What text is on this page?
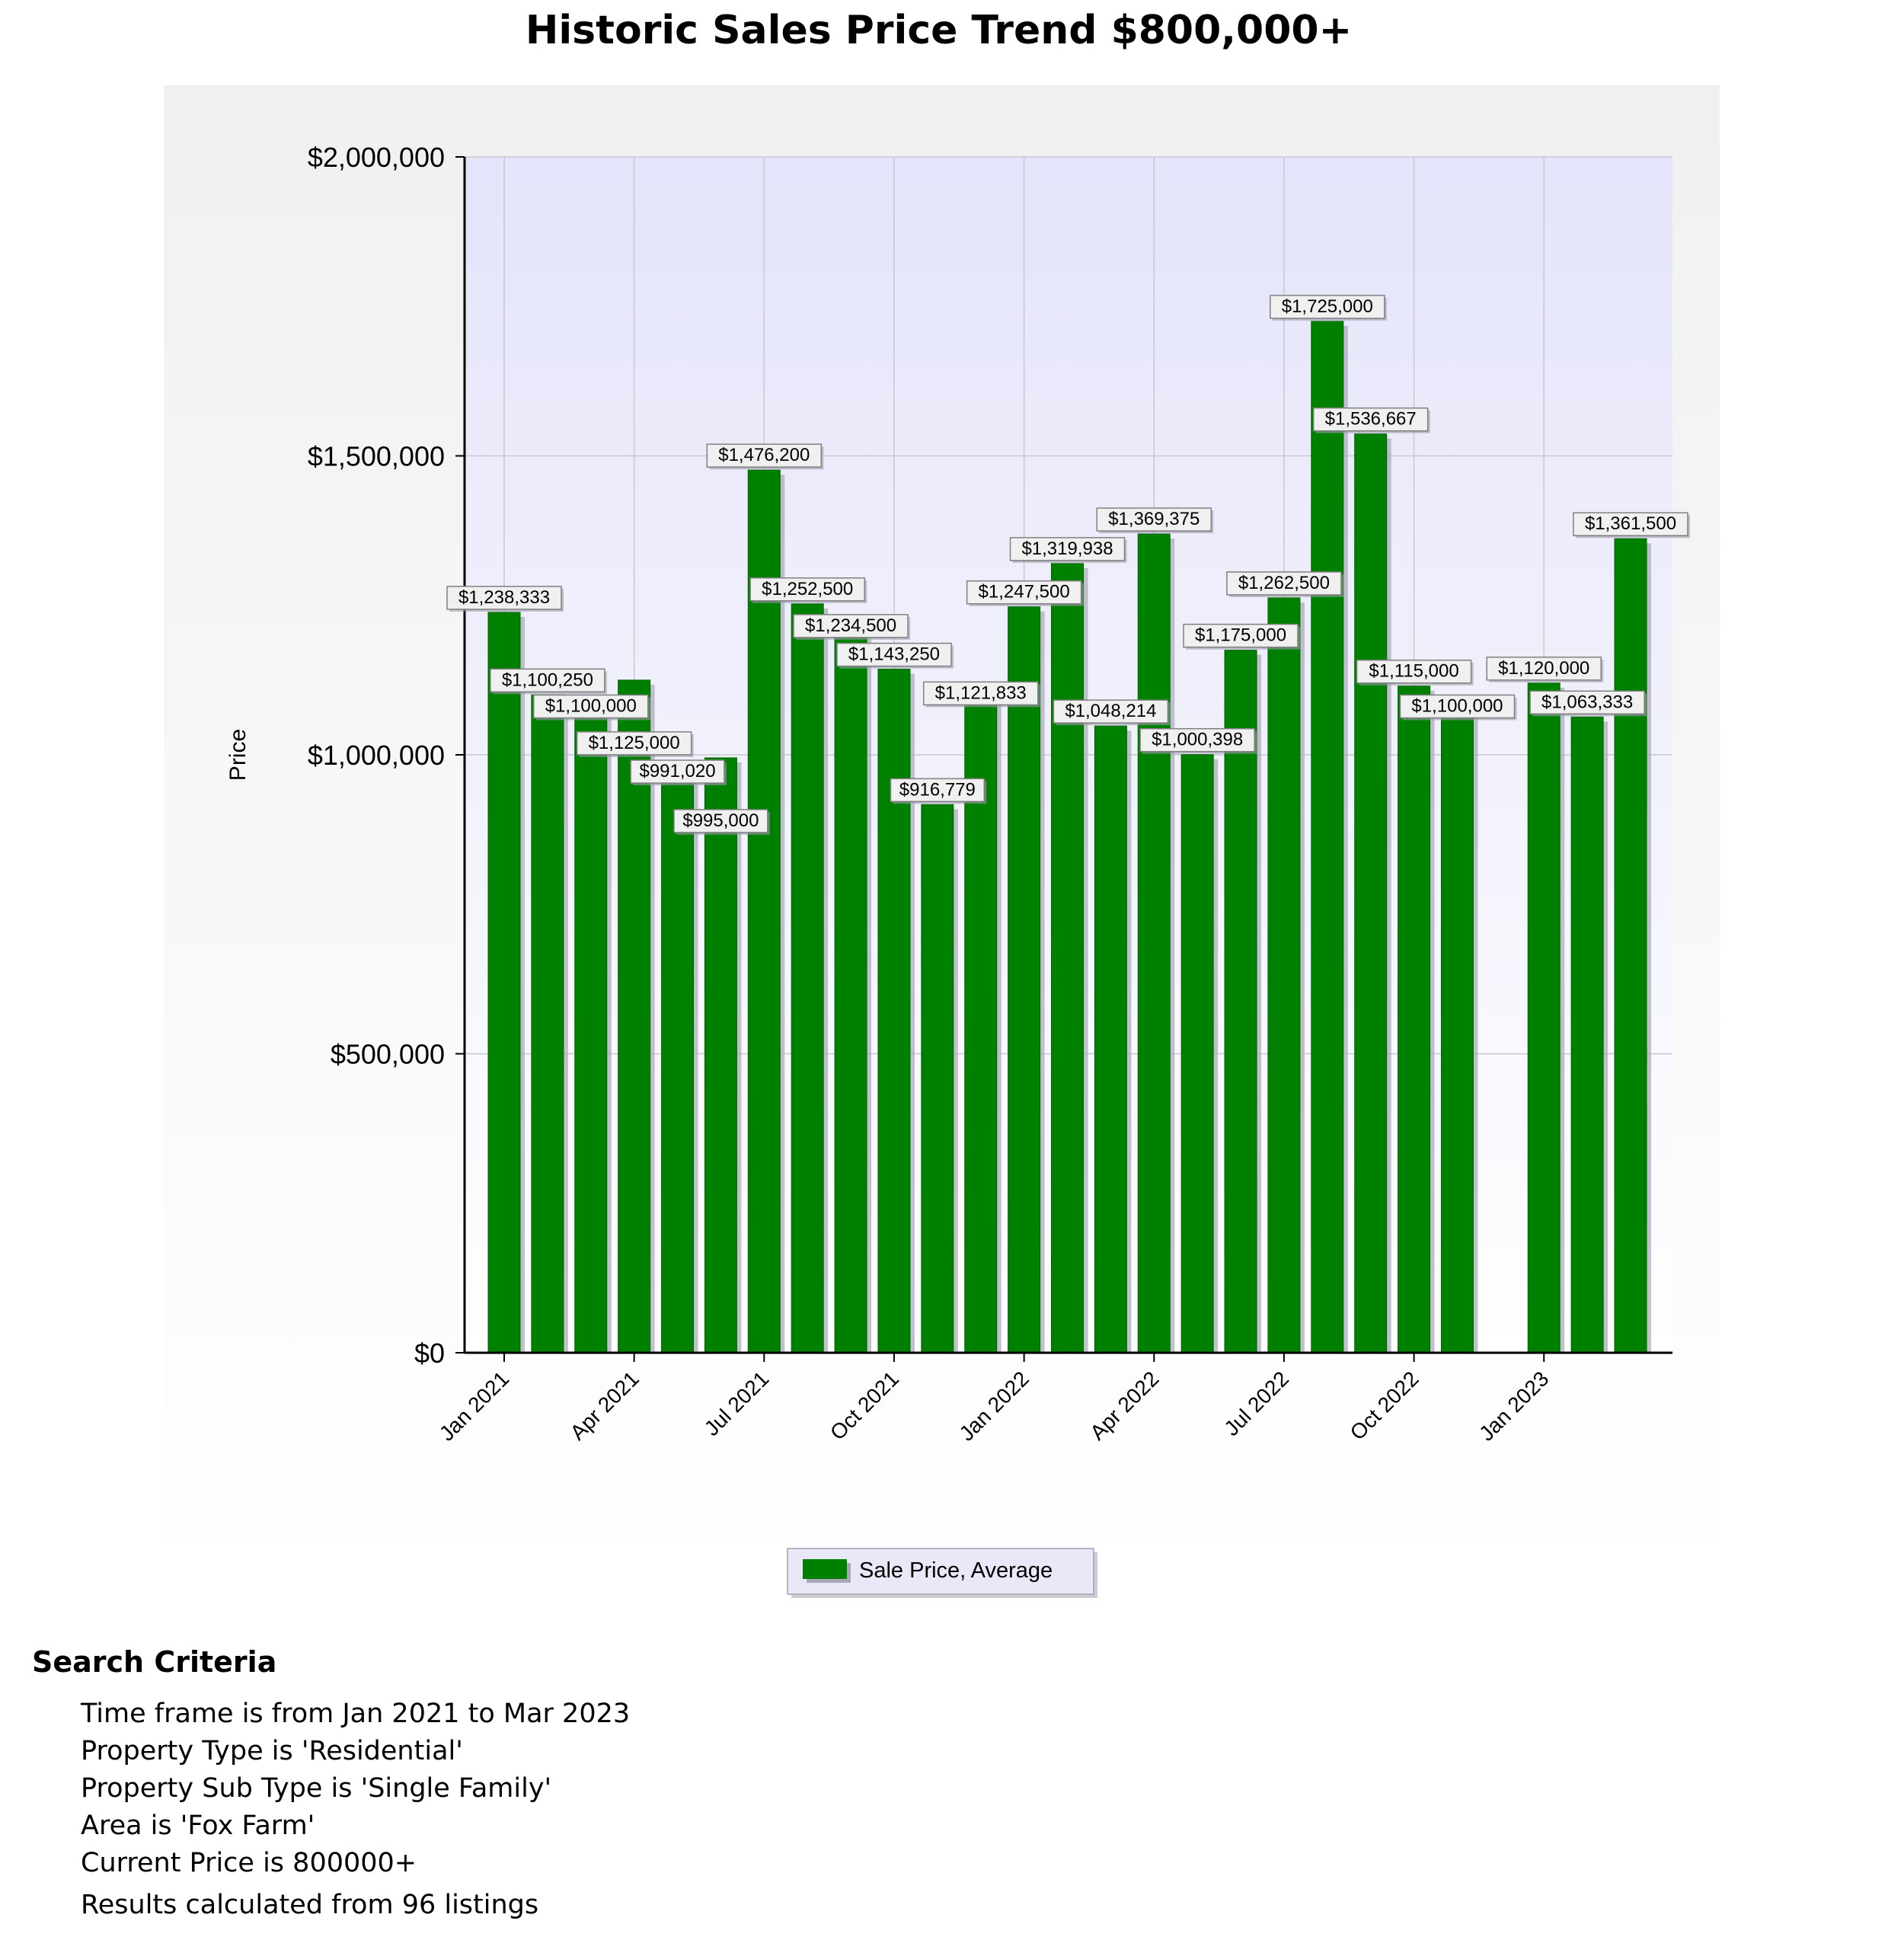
Historic Sales Price Trend $800,000+
$0
$500,000
$1,000,000
$1,500,000
$2,000,000
Jan 2021 Apr 2021	Jul 2021 Oct 2021 Jan 2022 Apr 2022	Jul 2022 Oct 2022 Jan 2023
Price
$1,238,333
$1,100,250
$1,100,000
$1,125,000
$991,020
$995,000
$1,476,200
$1,252,500
$1,234,500
$1,143,250
$916,779
$1,121,833
$1,247,500
$1,319,938
$1,048,214
$1,369,375
$1,000,398
$1,175,000
$1,262,500
$1,725,000
$1,536,667
$1,115,000
$1,100,000
$1,120,000
$1,063,333
$1,361,500
Sale Price, Average
Search Criteria
Time frame is from Jan 2021 to Mar 2023
Property Type is 'Residential'
Property Sub Type is 'Single Family'
Area is 'Fox Farm'
Current Price is 800000+
Results calculated from 96 listings
